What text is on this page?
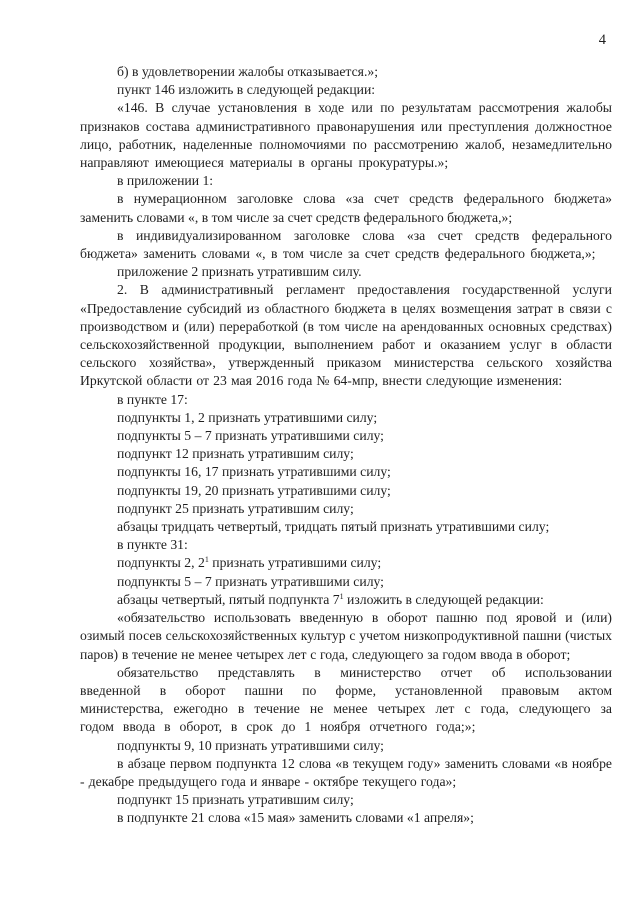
4

б) в удовлетворении жалобы отказывается.»;

пункт 146 изложить в следующей редакции:

«146. В случае установления в ходе или по результатам рассмотрения жалобы признаков состава административного правонарушения или преступления должностное лицо, работник, наделенные полномочиями по рассмотрению жалоб, незамедлительно направляют имеющиеся материалы в органы прокуратуры.»;

в приложении 1:

в нумерационном заголовке слова «за счет средств федерального бюджета» заменить словами «, в том числе за счет средств федерального бюджета,»;

в индивидуализированном заголовке слова «за счет средств федерального бюджета» заменить словами «, в том числе за счет средств федерального бюджета,»;

приложение 2 признать утратившим силу.

2. В административный регламент предоставления государственной услуги «Предоставление субсидий из областного бюджета в целях возмещения затрат в связи с производством и (или) переработкой (в том числе на арендованных основных средствах) сельскохозяйственной продукции, выполнением работ и оказанием услуг в области сельского хозяйства», утвержденный приказом министерства сельского хозяйства Иркутской области от 23 мая 2016 года № 64-мпр, внести следующие изменения:

в пункте 17:

подпункты 1, 2 признать утратившими силу;

подпункты 5 – 7 признать утратившими силу;

подпункт 12 признать утратившим силу;

подпункты 16, 17 признать утратившими силу;

подпункты 19, 20 признать утратившими силу;

подпункт 25 признать утратившим силу;

абзацы тридцать четвертый, тридцать пятый признать утратившими силу;

в пункте 31:

подпункты 2, $2^1$ признать утратившими силу;

подпункты 5 – 7 признать утратившими силу;

абзацы четвертый, пятый подпункта $7^1$ изложить в следующей редакции:

«обязательство использовать введенную в оборот пашню под яровой и (или) озимый посев сельскохозяйственных культур с учетом низкопродуктивной пашни (чистых паров) в течение не менее четырех лет с года, следующего за годом ввода в оборот;

обязательство представлять в министерство отчет об использовании введенной в оборот пашни по форме, установленной правовым актом министерства, ежегодно в течение не менее четырех лет с года, следующего за годом ввода в оборот, в срок до 1 ноября отчетного года;»;

подпункты 9, 10 признать утратившими силу;

в абзаце первом подпункта 12 слова «в текущем году» заменить словами «в ноябре - декабре предыдущего года и январе - октябре текущего года»;

подпункт 15 признать утратившим силу;

в подпункте 21 слова «15 мая» заменить словами «1 апреля»;
